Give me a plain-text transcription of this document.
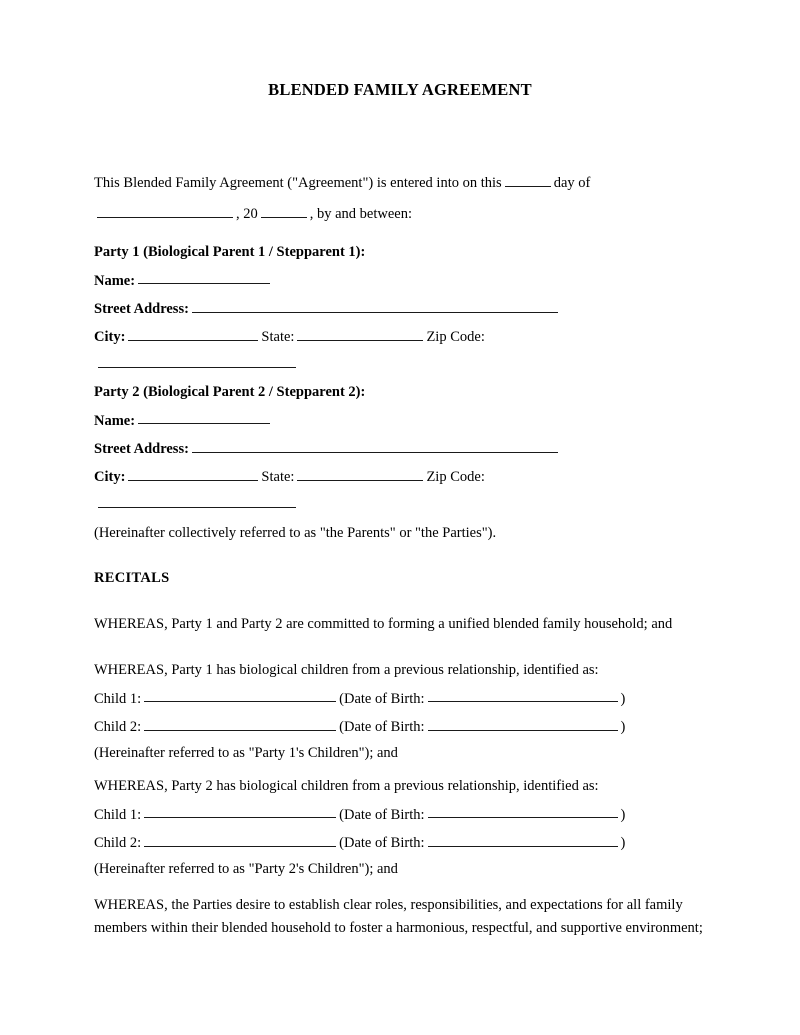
BLENDED FAMILY AGREEMENT
This Blended Family Agreement ("Agreement") is entered into on this	day of
, 20	, by and between:
Party 1 (Biological Parent 1 / Stepparent 1):
Name:
Street Address:
City:	State:	Zip Code:
Party 2 (Biological Parent 2 / Stepparent 2):
Name:
Street Address:
City:	State:	Zip Code:
(Hereinafter collectively referred to as "the Parents" or "the Parties").
RECITALS
WHEREAS, Party 1 and Party 2 are committed to forming a unified blended family household; and
WHEREAS, Party 1 has biological children from a previous relationship, identified as:
Child 1:	(Date of Birth:	)
Child 2:	(Date of Birth:	)
(Hereinafter referred to as "Party 1's Children"); and
WHEREAS, Party 2 has biological children from a previous relationship, identified as:
Child 1:	(Date of Birth:	)
Child 2:	(Date of Birth:	)
(Hereinafter referred to as "Party 2's Children"); and
WHEREAS, the Parties desire to establish clear roles, responsibilities, and expectations for all family members within their blended household to foster a harmonious, respectful, and supportive environment;
